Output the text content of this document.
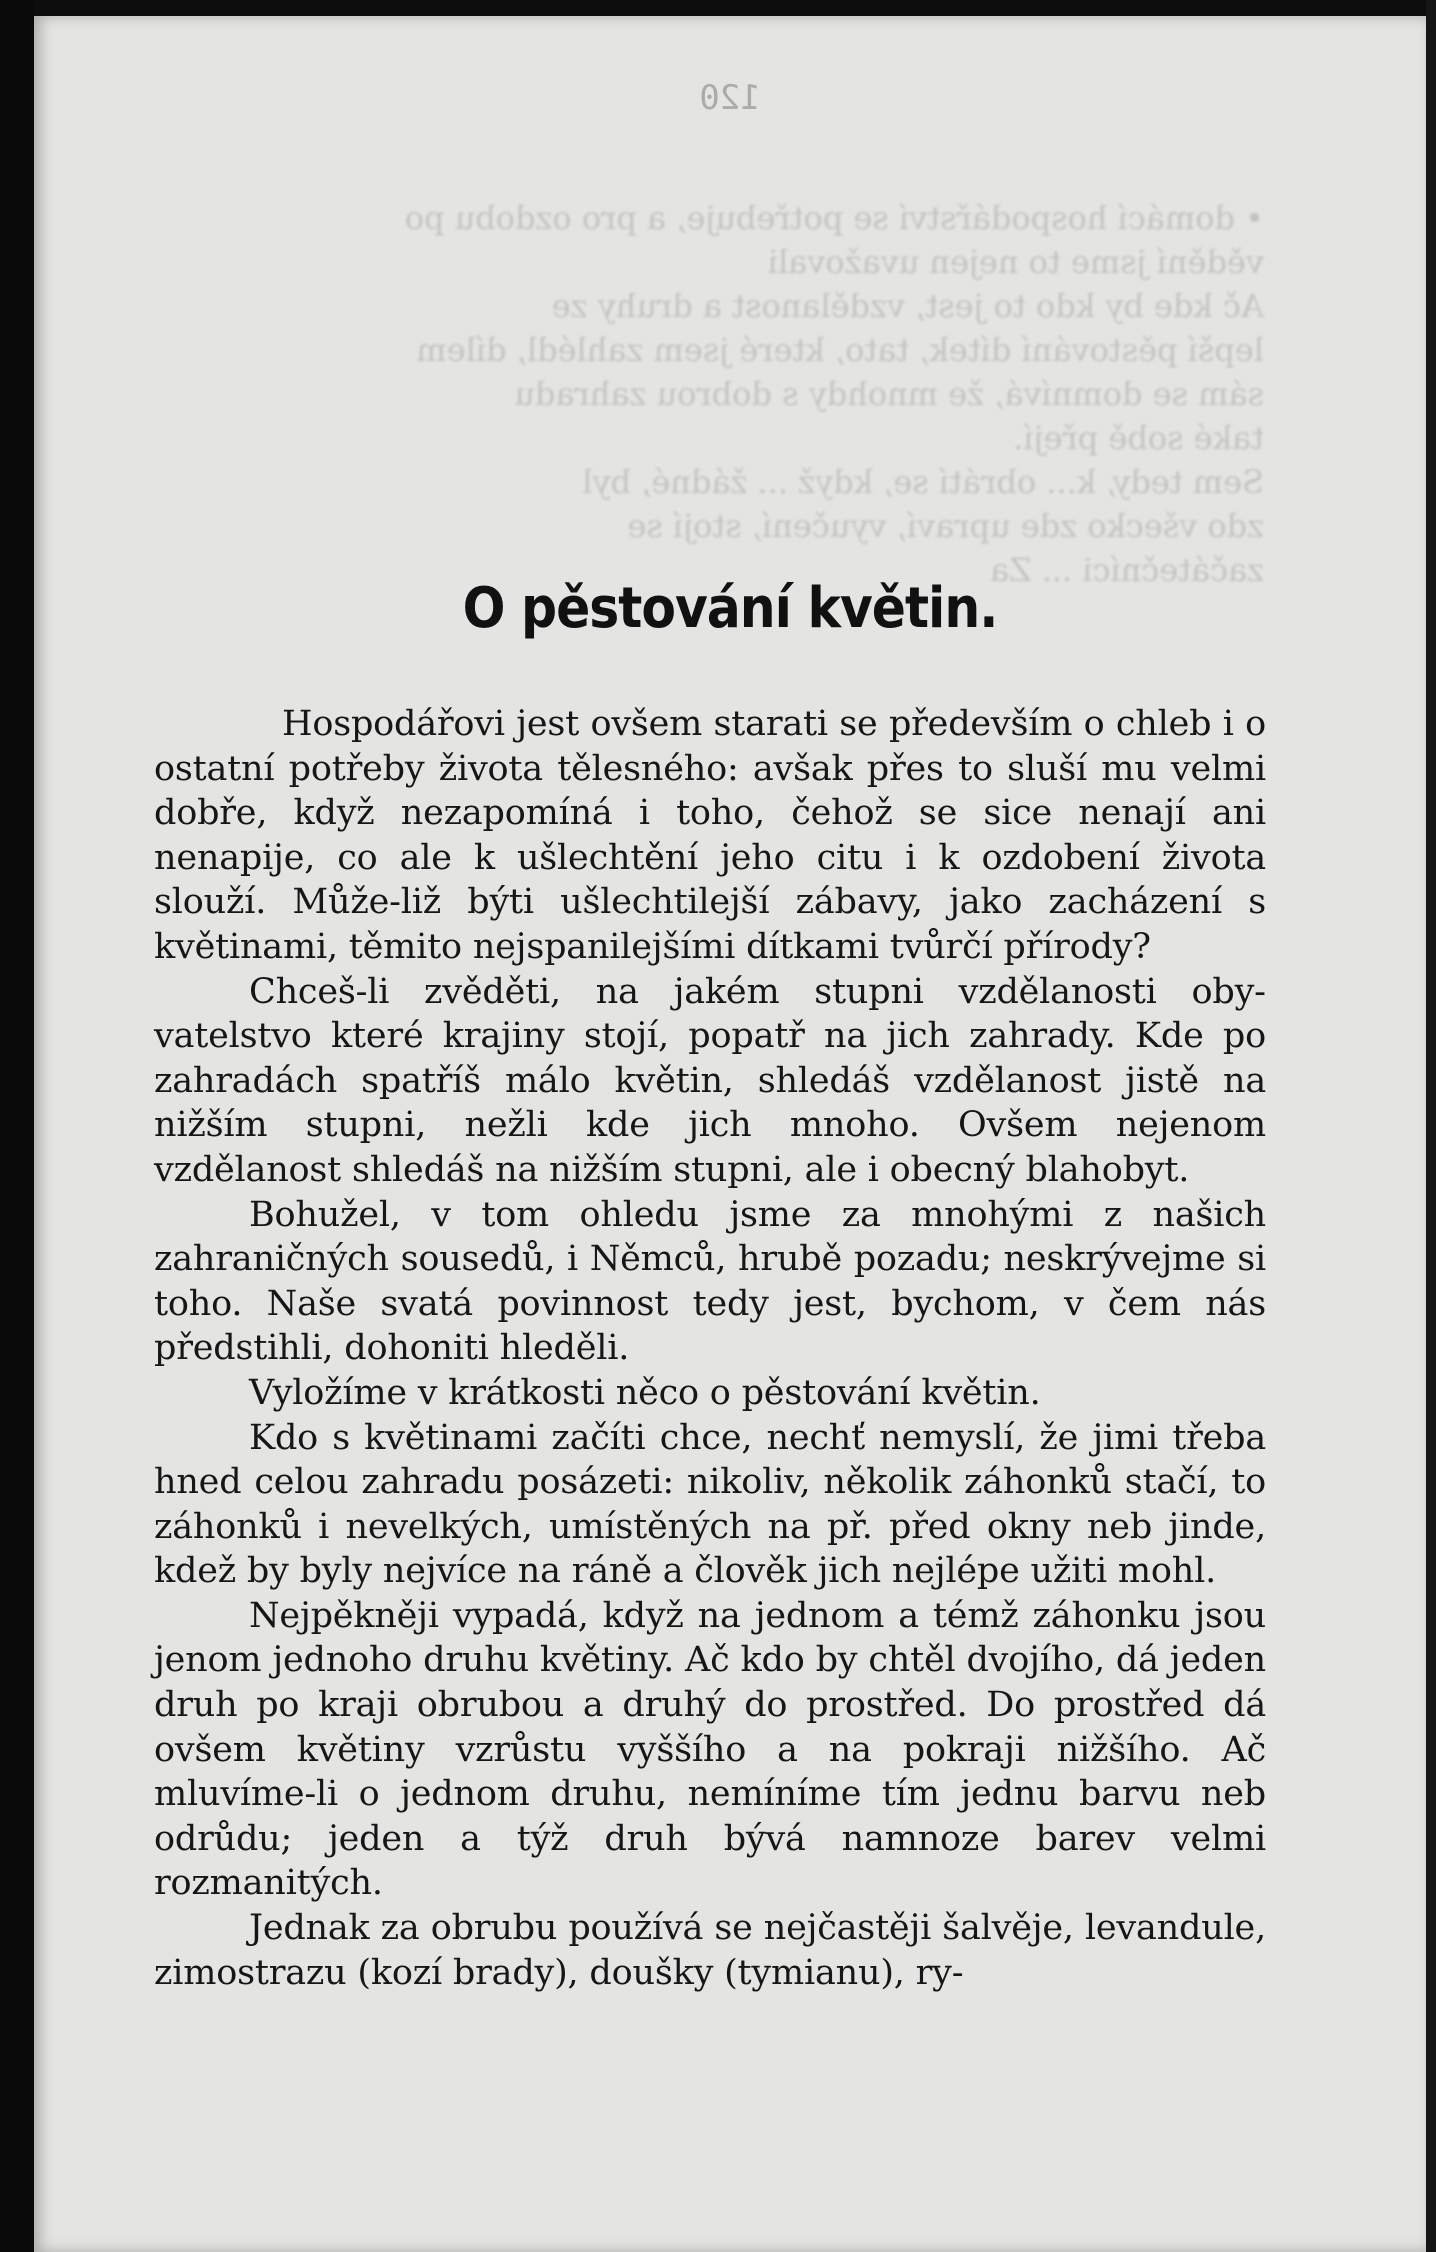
120

• domácí hospodářství se potřebuje, a pro ozdobu po

vědění jsme to nejen uvažovali

Ač kde by kdo to jest, vzdělanost a druhy ze

lepší pěstování dítek, tato, které jsem zahlédl, dílem

sám se domnívá, že mnohdy s dobrou zahradu

také sobě přejí.

Sem tedy, k... obrátí se, když ... žádné, byl

zdo všecko zde upraví, vyučení, stojí se

začátečníci ... Za

O pěstování květin.

Hospodářovi jest ovšem starati se především o chleb i o ostatní potřeby života tělesného: avšak přes to sluší mu velmi dobře, když nezapomíná i toho, čehož se sice nenají ani nenapije, co ale k ušlechtění jeho citu i k ozdobení života slouží. Může-liž býti ušlechtilejší zábavy, jako zacházení s květinami, těmito nejspanilejšími dítkami tvůrčí přírody?

Chceš-li zvěděti, na jakém stupni vzdělanosti obyvatelstvo které krajiny stojí, popatř na jich zahrady. Kde po zahradách spatříš málo květin, shledáš vzdělanost jistě na nižším stupni, nežli kde jich mnoho. Ovšem nejenom vzdělanost shledáš na nižším stupni, ale i obecný blahobyt.

Bohužel, v tom ohledu jsme za mnohými z našich zahraničných sousedů, i Němců, hrubě pozadu; neskrývejme si toho. Naše svatá povinnost tedy jest, bychom, v čem nás předstihli, dohoniti hleděli.

Vyložíme v krátkosti něco o pěstování květin.

Kdo s květinami začíti chce, nechť nemyslí, že jimi třeba hned celou zahradu posázeti: nikoliv, několik záhonků stačí, to záhonků i nevelkých, umístěných na př. před okny neb jinde, kdež by byly nejvíce na ráně a člověk jich nejlépe užiti mohl.

Nejpěkněji vypadá, když na jednom a témž záhonku jsou jenom jednoho druhu květiny. Ač kdo by chtěl dvojího, dá jeden druh po kraji obrubou a druhý do prostřed. Do prostřed dá ovšem květiny vzrůstu vyššího a na pokraji nižšího. Ač mluvíme-li o jednom druhu, nemíníme tím jednu barvu neb odrůdu; jeden a týž druh bývá namnoze barev velmi rozmanitých.

Jednak za obrubu používá se nejčastěji šalvěje, levandule, zimostrazu (kozí brady), doušky (tymianu), ry-
